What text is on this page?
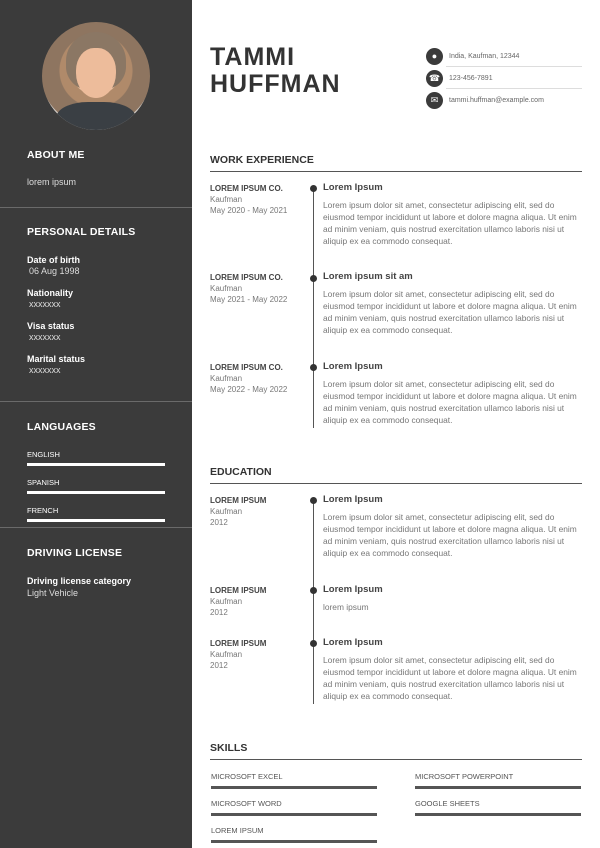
ABOUT ME
lorem ipsum
PERSONAL DETAILS
Date of birth
06 Aug 1998
Nationality
xxxxxxx
Visa status
xxxxxxx
Marital status
xxxxxxx
LANGUAGES
ENGLISH
SPANISH
FRENCH
DRIVING LICENSE
Driving license category
Light Vehicle
TAMMI
HUFFMAN
●	India, Kaufman, 12344
☎	123-456-7891
✉	tammi.huffman@example.com
WORK EXPERIENCE
LOREM IPSUM CO.
Kaufman
May 2020 - May 2021
Lorem Ipsum
Lorem ipsum dolor sit amet, consectetur adipiscing elit, sed do eiusmod tempor incididunt ut labore et dolore magna aliqua. Ut enim ad minim veniam, quis nostrud exercitation ullamco laboris nisi ut aliquip ex ea commodo consequat.
LOREM IPSUM CO.
Kaufman
May 2021 - May 2022
Lorem ipsum sit am
Lorem ipsum dolor sit amet, consectetur adipiscing elit, sed do eiusmod tempor incididunt ut labore et dolore magna aliqua. Ut enim ad minim veniam, quis nostrud exercitation ullamco laboris nisi ut aliquip ex ea commodo consequat.
LOREM IPSUM CO.
Kaufman
May 2022 - May 2022
Lorem Ipsum
Lorem ipsum dolor sit amet, consectetur adipiscing elit, sed do eiusmod tempor incididunt ut labore et dolore magna aliqua. Ut enim ad minim veniam, quis nostrud exercitation ullamco laboris nisi ut aliquip ex ea commodo consequat.
EDUCATION
LOREM IPSUM
Kaufman
2012
Lorem Ipsum
Lorem ipsum dolor sit amet, consectetur adipiscing elit, sed do eiusmod tempor incididunt ut labore et dolore magna aliqua. Ut enim ad minim veniam, quis nostrud exercitation ullamco laboris nisi ut aliquip ex ea commodo consequat.
LOREM IPSUM
Kaufman
2012
Lorem Ipsum
lorem ipsum
LOREM IPSUM
Kaufman
2012
Lorem Ipsum
Lorem ipsum dolor sit amet, consectetur adipiscing elit, sed do eiusmod tempor incididunt ut labore et dolore magna aliqua. Ut enim ad minim veniam, quis nostrud exercitation ullamco laboris nisi ut aliquip ex ea commodo consequat.
SKILLS
MICROSOFT EXCEL	MICROSOFT POWERPOINT
MICROSOFT WORD	GOOGLE SHEETS
LOREM IPSUM
